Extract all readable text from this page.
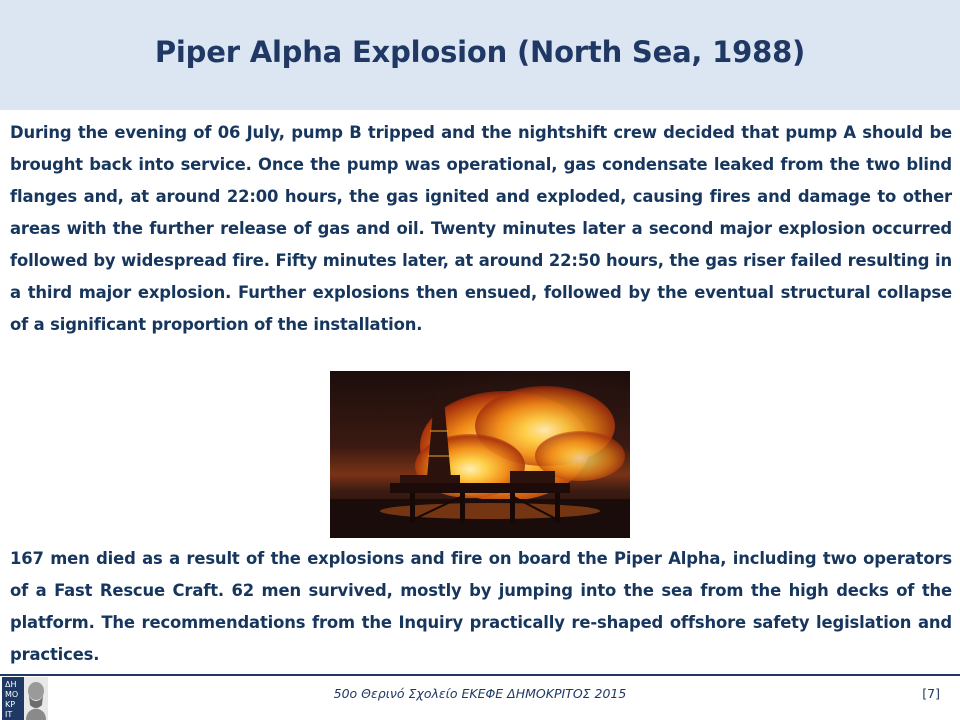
Piper Alpha Explosion (North Sea, 1988)

During the evening of 06 July, pump B tripped and the nightshift crew decided that pump A should be brought back into service. Once the pump was operational, gas condensate leaked from the two blind flanges and, at around 22:00 hours, the gas ignited and exploded, causing fires and damage to other areas with the further release of gas and oil. Twenty minutes later a second major explosion occurred followed by widespread fire. Fifty minutes later, at around 22:50 hours, the gas riser failed resulting in a third major explosion. Further explosions then ensued, followed by the eventual structural collapse of a significant proportion of the installation.

167 men died as a result of the explosions and fire on board the Piper Alpha, including two operators of a Fast Rescue Craft. 62 men survived, mostly by jumping into the sea from the high decks of the platform. The recommendations from the Inquiry practically re-shaped offshore safety legislation and practices.

ΔΗ
ΜΟ
ΚΡ
ΙΤ
50ο Θερινό Σχολείο ΕΚΕΦΕ ΔΗΜΟΚΡΙΤΟΣ 2015	[7]
